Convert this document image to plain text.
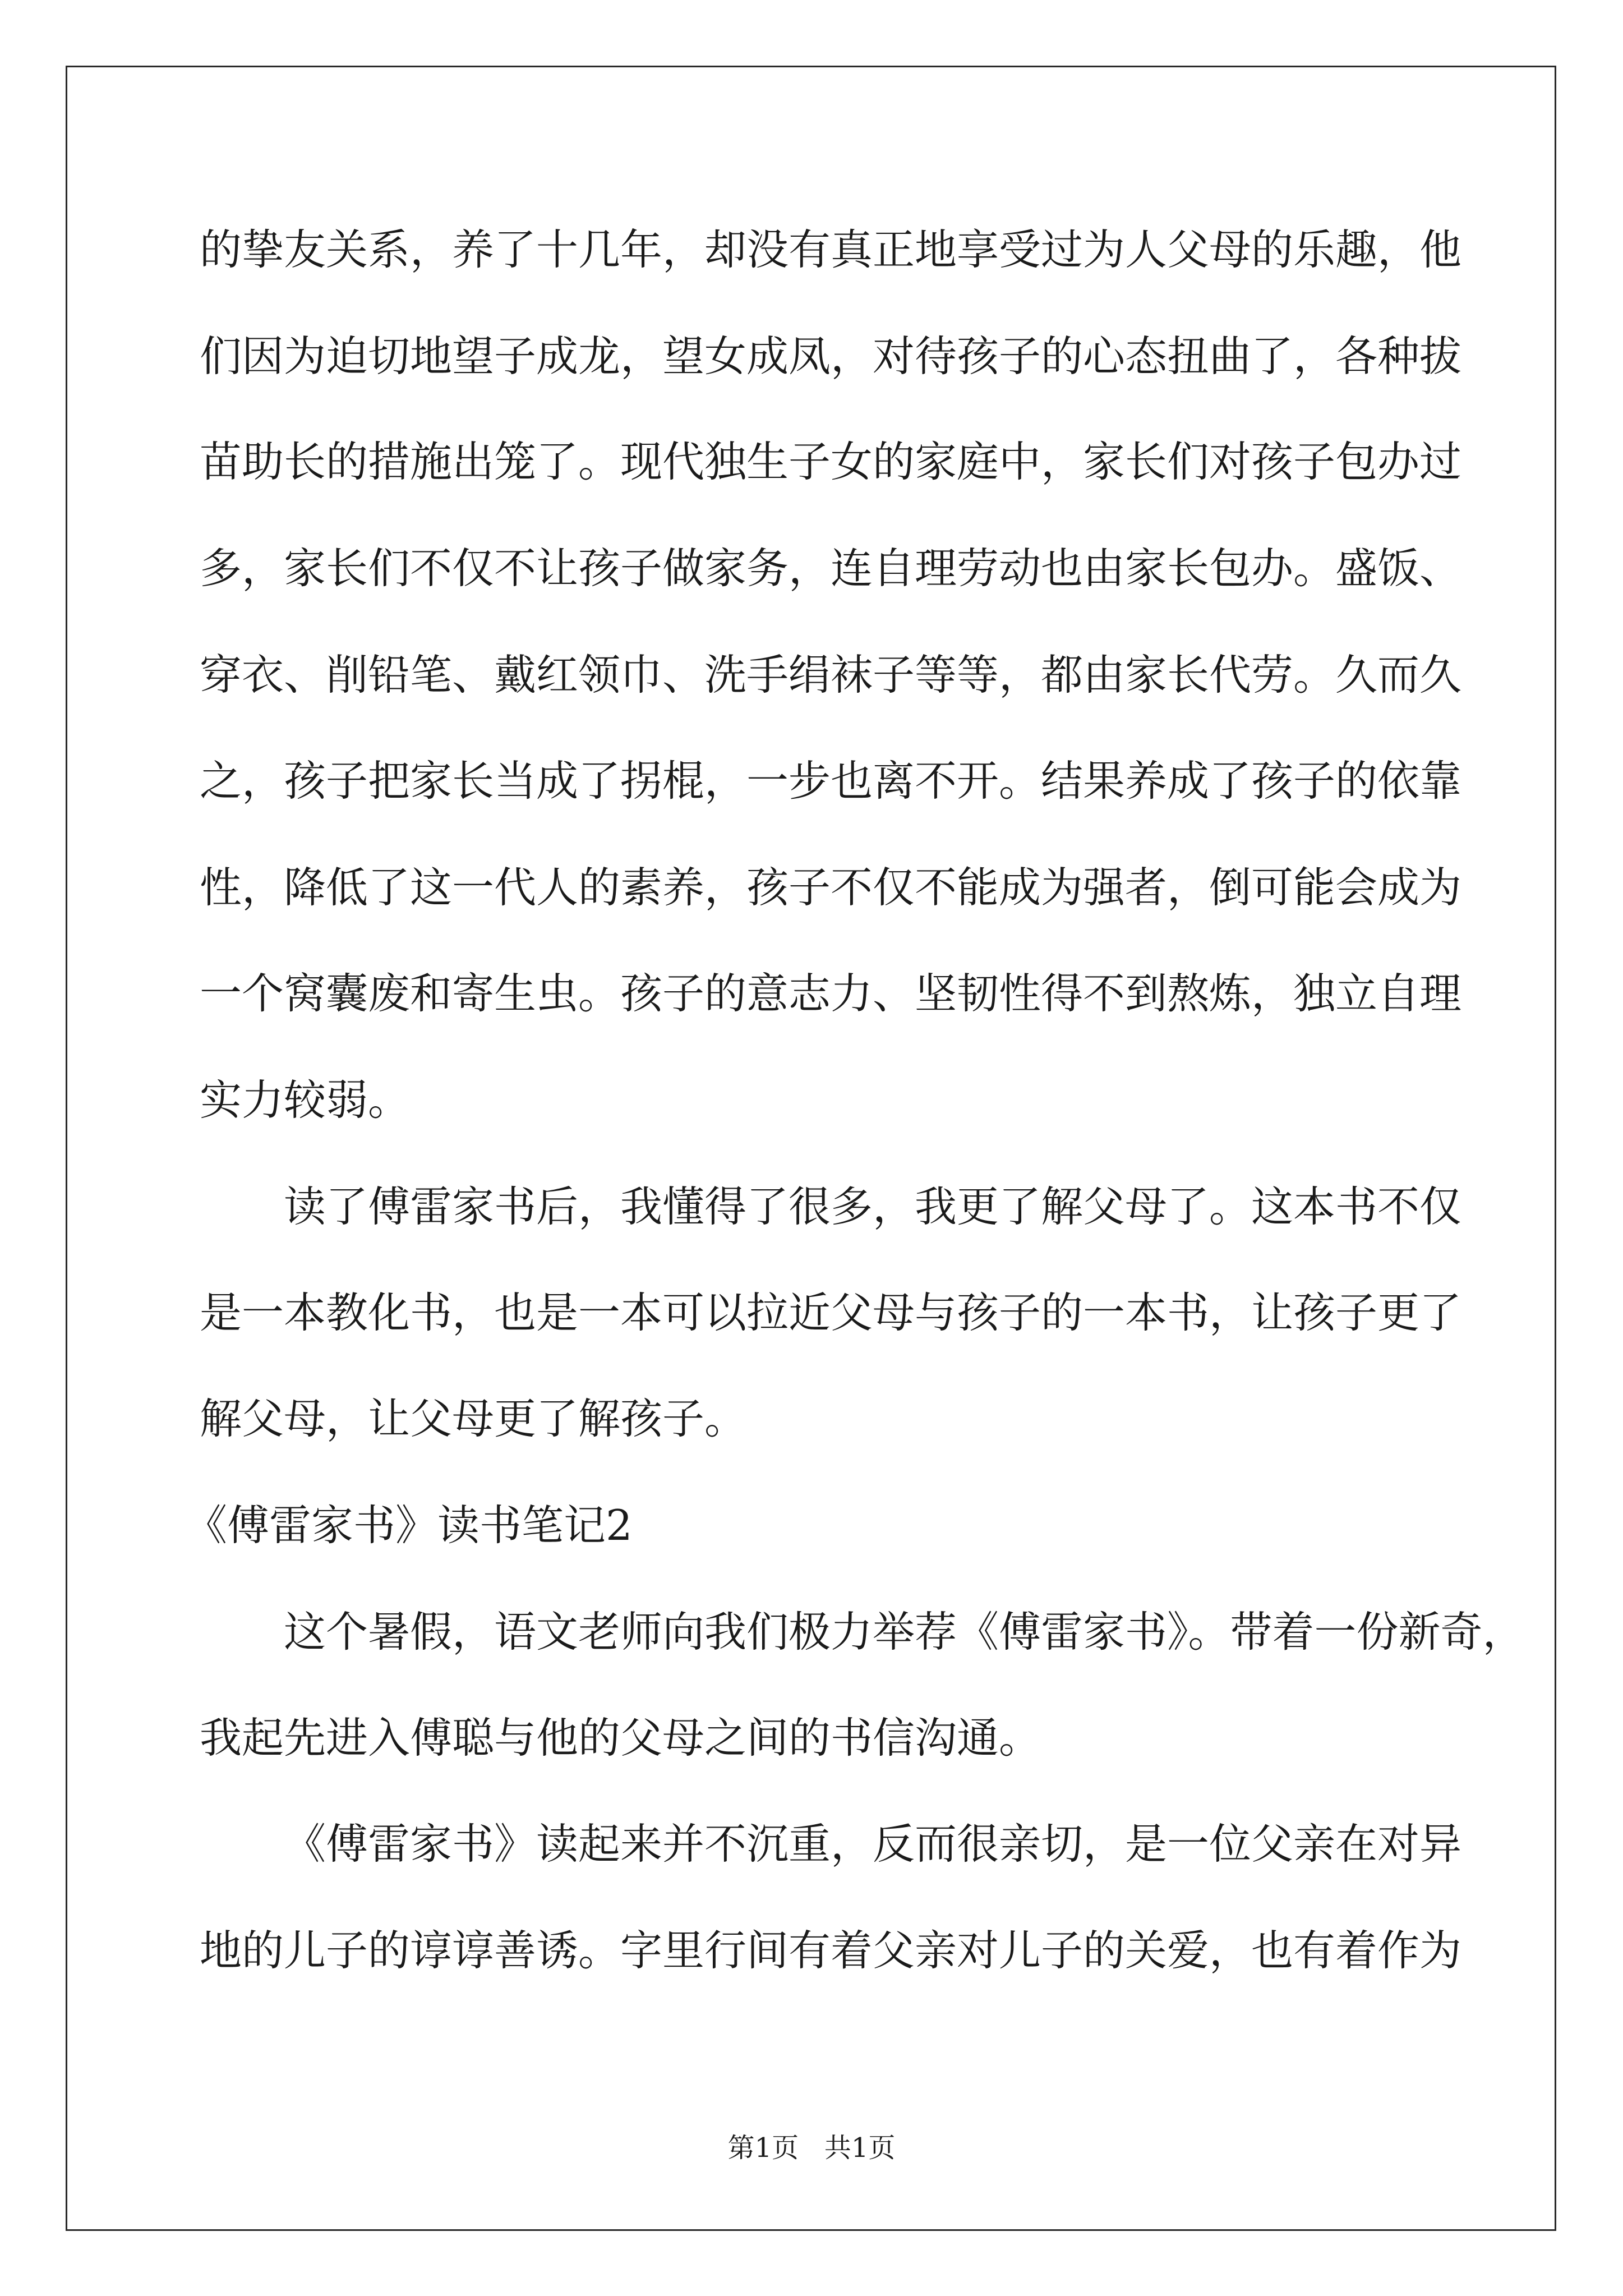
的挚友关系，养了十几年，却没有真正地享受过为人父母的乐趣，他

们因为迫切地望子成龙，望女成凤，对待孩子的心态扭曲了，各种拔

苗助长的措施出笼了。现代独生子女的家庭中，家长们对孩子包办过

多，家长们不仅不让孩子做家务，连自理劳动也由家长包办。盛饭、

穿衣、削铅笔、戴红领巾、洗手绢袜子等等，都由家长代劳。久而久

之，孩子把家长当成了拐棍，一步也离不开。结果养成了孩子的依靠

性，降低了这一代人的素养，孩子不仅不能成为强者，倒可能会成为

一个窝囊废和寄生虫。孩子的意志力、坚韧性得不到熬炼，独立自理

实力较弱。

读了傅雷家书后，我懂得了很多，我更了解父母了。这本书不仅

是一本教化书，也是一本可以拉近父母与孩子的一本书，让孩子更了

解父母，让父母更了解孩子。

《傅雷家书》读书笔记2

这个暑假，语文老师向我们极力举荐《傅雷家书》。带着一份新奇，

我起先进入傅聪与他的父母之间的书信沟通。

《傅雷家书》读起来并不沉重，反而很亲切，是一位父亲在对异

地的儿子的谆谆善诱。字里行间有着父亲对儿子的关爱，也有着作为

第1页   共1页
